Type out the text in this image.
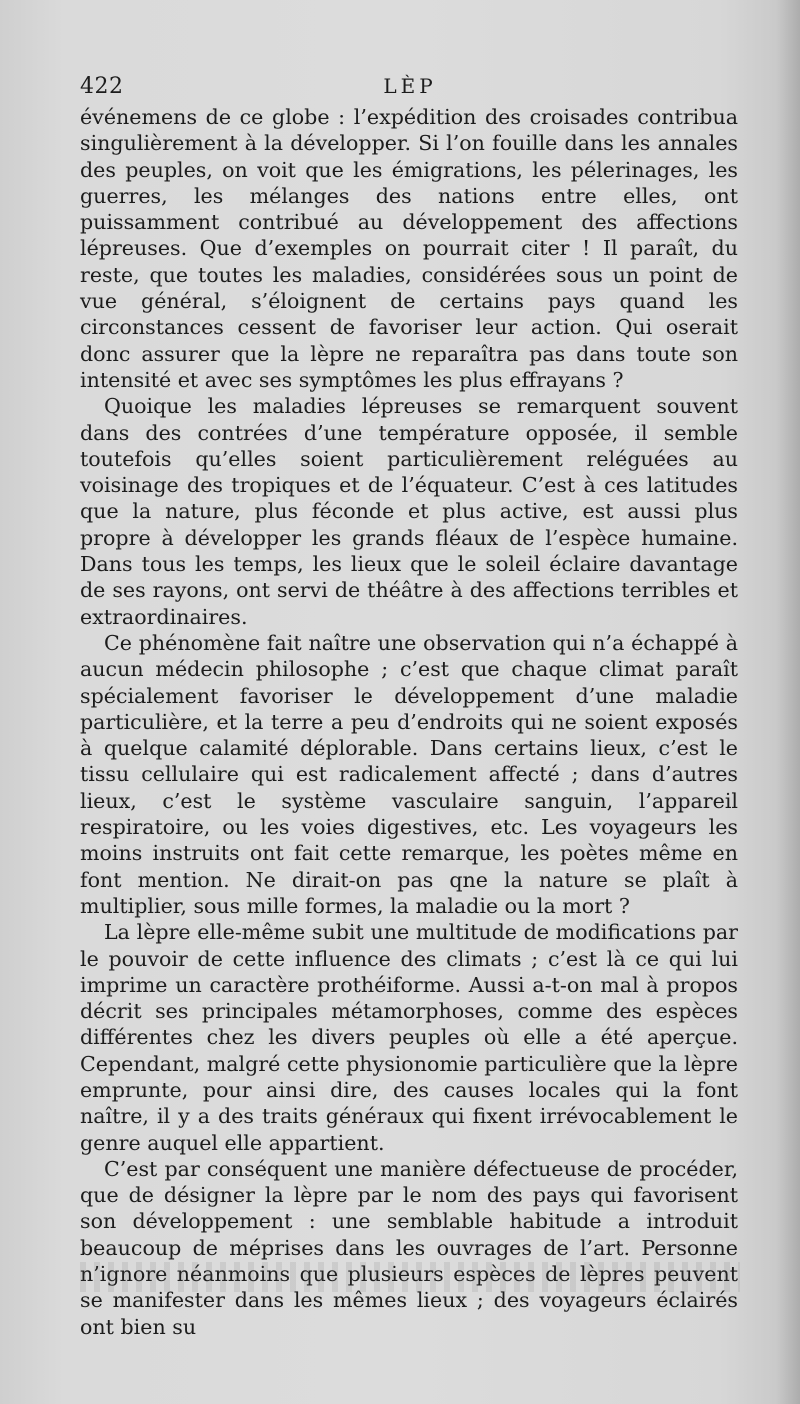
422	LÈP

événemens de ce globe : l’expédition des croisades contribua singulièrement à la développer. Si l’on fouille dans les annales des peuples, on voit que les émigrations, les pélerinages, les guerres, les mélanges des nations entre elles, ont puissamment contribué au développement des affections lépreuses. Que d’exemples on pourrait citer ! Il paraît, du reste, que toutes les maladies, considérées sous un point de vue général, s’éloignent de certains pays quand les circonstances cessent de favoriser leur action. Qui oserait donc assurer que la lèpre ne reparaîtra pas dans toute son intensité et avec ses symptômes les plus effrayans ?

Quoique les maladies lépreuses se remarquent souvent dans des contrées d’une température opposée, il semble toutefois qu’elles soient particulièrement reléguées au voisinage des tropiques et de l’équateur. C’est à ces latitudes que la nature, plus féconde et plus active, est aussi plus propre à développer les grands fléaux de l’espèce humaine. Dans tous les temps, les lieux que le soleil éclaire davantage de ses rayons, ont servi de théâtre à des affections terribles et extraordinaires.

Ce phénomène fait naître une observation qui n’a échappé à aucun médecin philosophe ; c’est que chaque climat paraît spécialement favoriser le développement d’une maladie particulière, et la terre a peu d’endroits qui ne soient exposés à quelque calamité déplorable. Dans certains lieux, c’est le tissu cellulaire qui est radicalement affecté ; dans d’autres lieux, c’est le système vasculaire sanguin, l’appareil respiratoire, ou les voies digestives, etc. Les voyageurs les moins instruits ont fait cette remarque, les poètes même en font mention. Ne dirait-on pas qne la nature se plaît à multiplier, sous mille formes, la maladie ou la mort ?

La lèpre elle-même subit une multitude de modifications par le pouvoir de cette influence des climats ; c’est là ce qui lui imprime un caractère prothéiforme. Aussi a-t-on mal à propos décrit ses principales métamorphoses, comme des espèces différentes chez les divers peuples où elle a été aperçue. Cependant, malgré cette physionomie particulière que la lèpre emprunte, pour ainsi dire, des causes locales qui la font naître, il y a des traits généraux qui fixent irrévocablement le genre auquel elle appartient.

C’est par conséquent une manière défectueuse de procéder, que de désigner la lèpre par le nom des pays qui favorisent son développement : une semblable habitude a introduit beaucoup de méprises dans les ouvrages de l’art. Personne n’ignore néanmoins que plusieurs espèces de lèpres peuvent se manifester dans les mêmes lieux ; des voyageurs éclairés ont bien su
